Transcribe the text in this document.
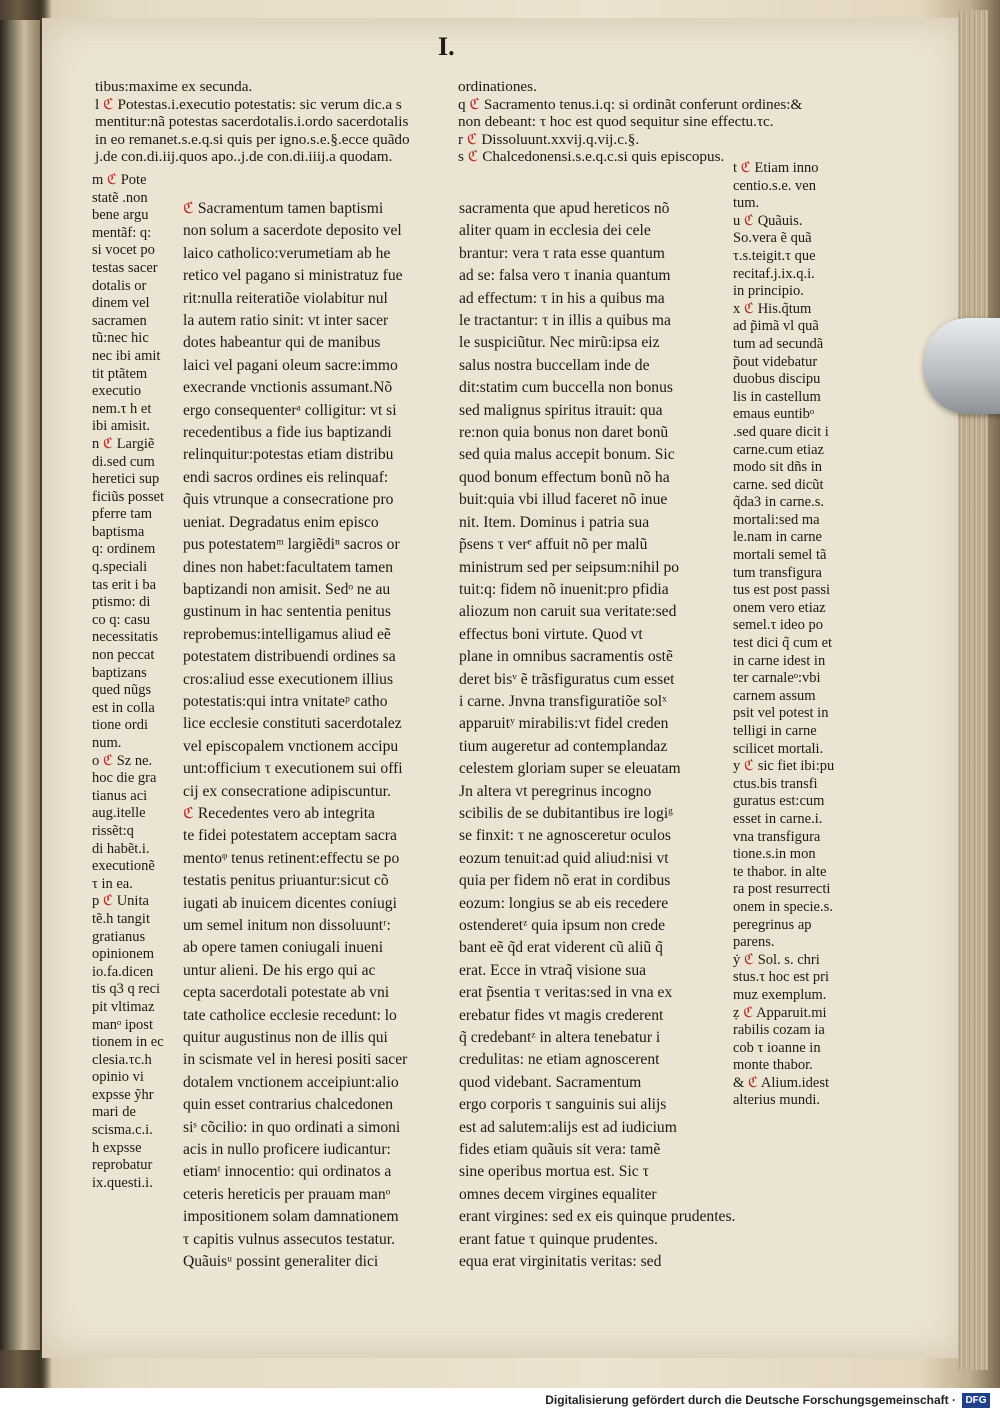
I.
tibus:maxime ex secunda.
l ℭ Potestas.i.executio potestatis: sic verum dic.a s
mentitur:nã potestas sacerdotalis.i.ordo sacerdotalis
in eo remanet.s.e.q.si quis per igno.s.e.§.ecce quãdo
j.de con.di.iij.quos apo..j.de con.di.iiij.a quodam.
ordinationes.
q ℭ Sacramento tenus.i.q: si ordinãt conferunt ordines:&
non debeant: τ hoc est quod sequitur sine effectu.τc.
r ℭ Dissoluunt.xxvij.q.vij.c.§.
s ℭ Chalcedonensi.s.e.q.c.si quis episcopus.
m ℭ Pote
statẽ .non
bene argu
mentãf: q:
si vocet po
testas sacer
dotalis or
dinem vel
sacramen
tũ:nec hic
nec ibi amit
tit ptãtem
executio
nem.τ h et
ibi amisit.
n ℭ Largiẽ
di.sed cum
heretici sup
ficiũs posset
pferre tam
baptisma
q: ordinem
q.speciali
tas erit i ba
ptismo: di
co q: casu
necessitatis
non peccat
baptizans
qued nũgs
est in colla
tione ordi
num.
o ℭ Sz ne.
hoc die gra
tianus aci
aug.itelle
rissẽt:q
di habẽt.i.
executionẽ
τ in ea.
p ℭ Unita
tẽ.h tangit
gratianus
opinionem
io.fa.dicen
tis q3 q reci
pit vltimaz
manᵒ ipost
tionem in ec
clesia.τc.h
opinio vi
expsse ỹhr
mari de
scisma.c.i.
h expsse
reprobatur
ix.questi.i.
ℭ Sacramentum tamen baptismi
non solum a sacerdote deposito vel
laico catholico:verumetiam ab he
retico vel pagano si ministratuz fue
rit:nulla reiteratiõe violabitur nul
la autem ratio sinit: vt inter sacer
dotes habeantur qui de manibus
laici vel pagani oleum sacre:immo
execrande vnctionis assumant.Nõ
ergo consequenterᵃ colligitur: vt si
recedentibus a fide ius baptizandi
relinquitur:potestas etiam distribu
endi sacros ordines eis relinquaf:
q̃uis vtrunque a consecratione pro
ueniat. Degradatus enim episco
pus potestatemᵐ largiẽdiⁿ sacros or
dines non habet:facultatem tamen
baptizandi non amisit. Sedᵒ ne au
gustinum in hac sententia penitus
reprobemus:intelligamus aliud eẽ
potestatem distribuendi ordines sa
cros:aliud esse executionem illius
potestatis:qui intra vnitateᵖ catho
lice ecclesie constituti sacerdotalez
vel episcopalem vnctionem accipu
unt:officium τ executionem sui offi
cij ex consecratione adipiscuntur.
ℭ Recedentes vero ab integrita
te fidei potestatem acceptam sacra
mentoᵠ tenus retinent:effectu se po
testatis penitus priuantur:sicut cõ
iugati ab inuicem dicentes coniugi
um semel initum non dissoluuntʳ:
ab opere tamen coniugali inueni
untur alieni. De his ergo qui ac
cepta sacerdotali potestate ab vni
tate catholice ecclesie recedunt: lo
quitur augustinus non de illis qui
in scismate vel in heresi positi sacer
dotalem vnctionem acceipiunt:alio
quin esset contrarius chalcedonen
siˢ cõcilio: in quo ordinati a simoni
acis in nullo proficere iudicantur:
etiamᵗ innocentio: qui ordinatos a
ceteris hereticis per prauam manᵒ
impositionem solam damnationem
τ capitis vulnus assecutos testatur.
Quãuisᵘ possint generaliter dici
sacramenta que apud hereticos nõ
aliter quam in ecclesia dei cele
brantur: vera τ rata esse quantum
ad se: falsa vero τ inania quantum
ad effectum: τ in his a quibus ma
le tractantur: τ in illis a quibus ma
le suspiciũtur. Nec mirũ:ipsa eiz
salus nostra buccellam inde de
dit:statim cum buccella non bonus
sed malignus spiritus itrauit: qua
re:non quia bonus non daret bonũ
sed quia malus accepit bonum. Sic
quod bonum effectum bonũ nõ ha
buit:quia vbi illud faceret nõ inue
nit. Item. Dominus i patria sua
p̃sens τ verᵉ affuit nõ per malũ
ministrum sed per seipsum:nihil po
tuit:q: fidem nõ inuenit:pro pfidia
aliozum non caruit sua veritate:sed
effectus boni virtute. Quod vt
plane in omnibus sacramentis ostẽ
deret bisᵛ ẽ trãsfiguratus cum esset
i carne. Jnvna transfiguratiõe solˣ
apparuitʸ mirabilis:vt fidel creden
tium augeretur ad contemplandaz
celestem gloriam super se eleuatam
Jn altera vt peregrinus incogno
scibilis de se dubitantibus ire logiᵍ
se finxit: τ ne agnosceretur oculos
eozum tenuit:ad quid aliud:nisi vt
quia per fidem nõ erat in cordibus
eozum: longius se ab eis recedere
ostenderetᶻ quia ipsum non crede
bant eẽ q̃d erat viderent cũ aliũ q̃
erat. Ecce in vtraq̃ visione sua
erat p̃sentia τ veritas:sed in vna ex
erebatur fides vt magis crederent
q̃ credebantᶻ in altera tenebatur i
credulitas: ne etiam agnoscerent
quod videbant. Sacramentum
ergo corporis τ sanguinis sui alijs
est ad salutem:alijs est ad iudicium
fides etiam quãuis sit vera: tamẽ
sine operibus mortua est. Sic τ
omnes decem virgines equaliter
erant virgines: sed ex eis quinque prudentes.
erant fatue τ quinque prudentes.
equa erat virginitatis veritas: sed
t ℭ Etiam inno
centio.s.e. ven
tum.
u ℭ Quãuis.
So.vera ẽ quã
τ.s.teigit.τ que
recitaf.j.ix.q.i.
in principio.
x ℭ His.q̃tum
ad p̃imã vl quã
tum ad secundã
p̃out videbatur
duobus discipu
lis in castellum
emaus euntibᵒ
.sed quare dicit i
carne.cum etiaz
modo sit dñs in
carne. sed dicũt
q̃da3 in carne.s.
mortali:sed ma
le.nam in carne
mortali semel tã
tum transfigura
tus est post passi
onem vero etiaz
semel.τ ideo po
test dici q̃ cum et
in carne idest in
ter carnaleᵒ:vbi
carnem assum
psit vel potest in
telligi in carne
scilicet mortali.
y ℭ sic fiet ibi:pu
ctus.bis transfi
guratus est:cum
esset in carne.i.
vna transfigura
tione.s.in mon
te thabor. in alte
ra post resurrecti
onem in specie.s.
peregrinus ap
parens.
ẏ ℭ Sol. s. chri
stus.τ hoc est pri
muz exemplum.
ẓ ℭ Apparuit.mi
rabilis cozam ia
cob τ ioanne in
monte thabor.
& ℭ Alium.idest
alterius mundi.
Digitalisierung gefördert durch die Deutsche Forschungsgemeinschaft · DFG
